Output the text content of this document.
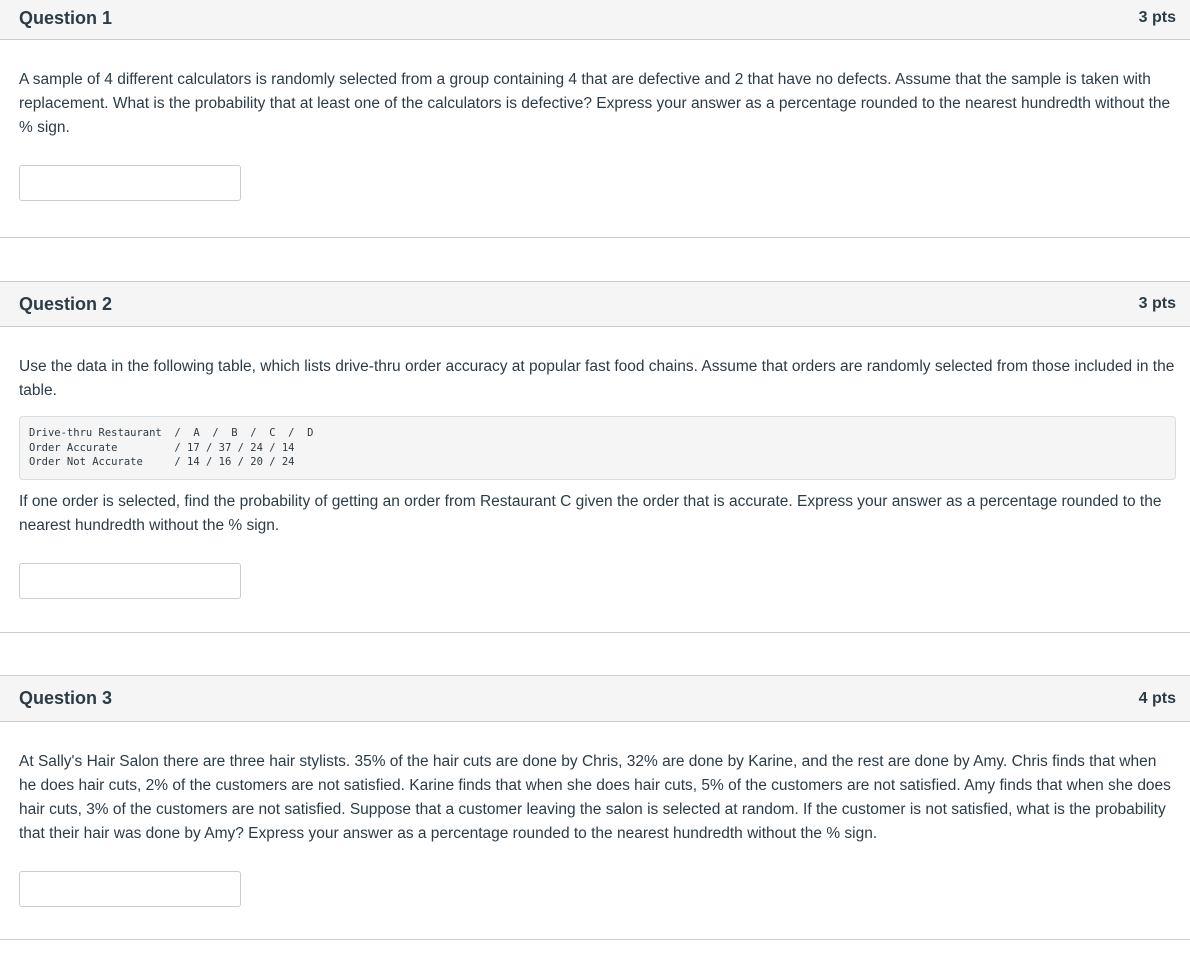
Question 1	3 pts

A sample of 4 different calculators is randomly selected from a group containing 4 that are defective and 2 that have no defects. Assume that the sample is taken with replacement. What is the probability that at least one of the calculators is defective? Express your answer as a percentage rounded to the nearest hundredth without the % sign.

Question 2	3 pts

Use the data in the following table, which lists drive-thru order accuracy at popular fast food chains. Assume that orders are randomly selected from those included in the table.

Drive-thru Restaurant  /  A  /  B  /  C  /  D
Order Accurate         / 17 / 37 / 24 / 14
Order Not Accurate     / 14 / 16 / 20 / 24

If one order is selected, find the probability of getting an order from Restaurant C given the order that is accurate. Express your answer as a percentage rounded to the nearest hundredth without the % sign.

Question 3	4 pts

At Sally's Hair Salon there are three hair stylists. 35% of the hair cuts are done by Chris, 32% are done by Karine, and the rest are done by Amy. Chris finds that when he does hair cuts, 2% of the customers are not satisfied. Karine finds that when she does hair cuts, 5% of the customers are not satisfied. Amy finds that when she does hair cuts, 3% of the customers are not satisfied. Suppose that a customer leaving the salon is selected at random. If the customer is not satisfied, what is the probability that their hair was done by Amy? Express your answer as a percentage rounded to the nearest hundredth without the % sign.
